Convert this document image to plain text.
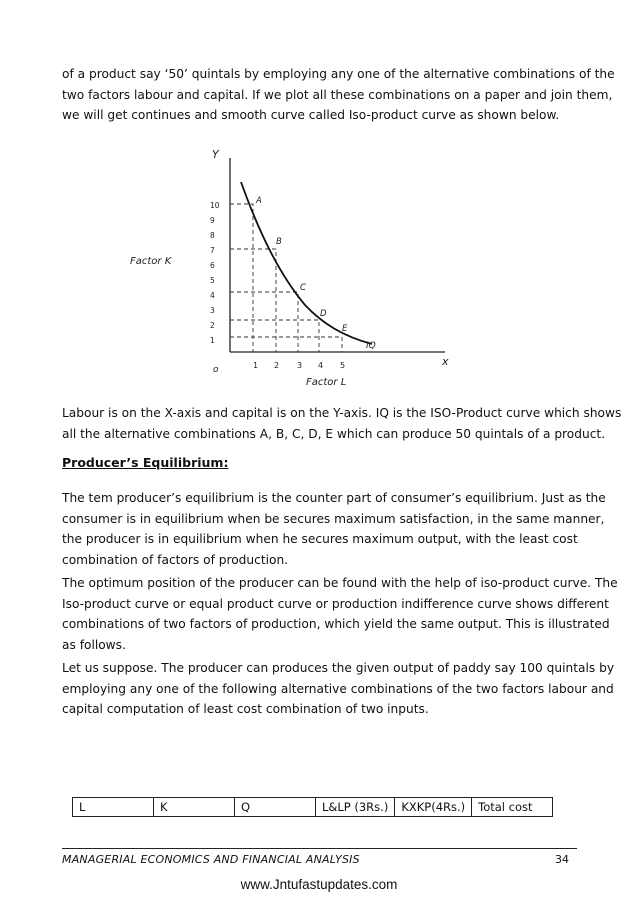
of a product say ‘50’ quintals by employing any one of the alternative combinations of the
two factors labour and capital. If we plot all these combinations on a paper and join them,
we will get continues and smooth curve called Iso-product curve as shown below.
Y
x
o
10
9
8
7
6
5
4
3
2
1
1 2 3 4 5
A
B
C
D
E
IQ
Factor K
Factor L
Labour is on the X-axis and capital is on the Y-axis. IQ is the ISO-Product curve which shows
all the alternative combinations A, B, C, D, E which can produce 50 quintals of a product.

Producer’s Equilibrium:

The tem producer’s equilibrium is the counter part of consumer’s equilibrium. Just as the
consumer is in equilibrium when be secures maximum satisfaction, in the same manner,
the producer is in equilibrium when he secures maximum output, with the least cost
combination of factors of production.
The optimum position of the producer can be found with the help of iso-product curve. The
Iso-product curve or equal product curve or production indifference curve shows different
combinations of two factors of production, which yield the same output. This is illustrated
as follows.
Let us suppose. The producer can produces the given output of paddy say 100 quintals by
employing any one of the following alternative combinations of the two factors labour and
capital computation of least cost combination of two inputs.
L	K	Q	L&LP (3Rs.)	KXKP(4Rs.)	Total cost
MANAGERIAL ECONOMICS AND FINANCIAL ANALYSIS	34
www.Jntufastupdates.com
